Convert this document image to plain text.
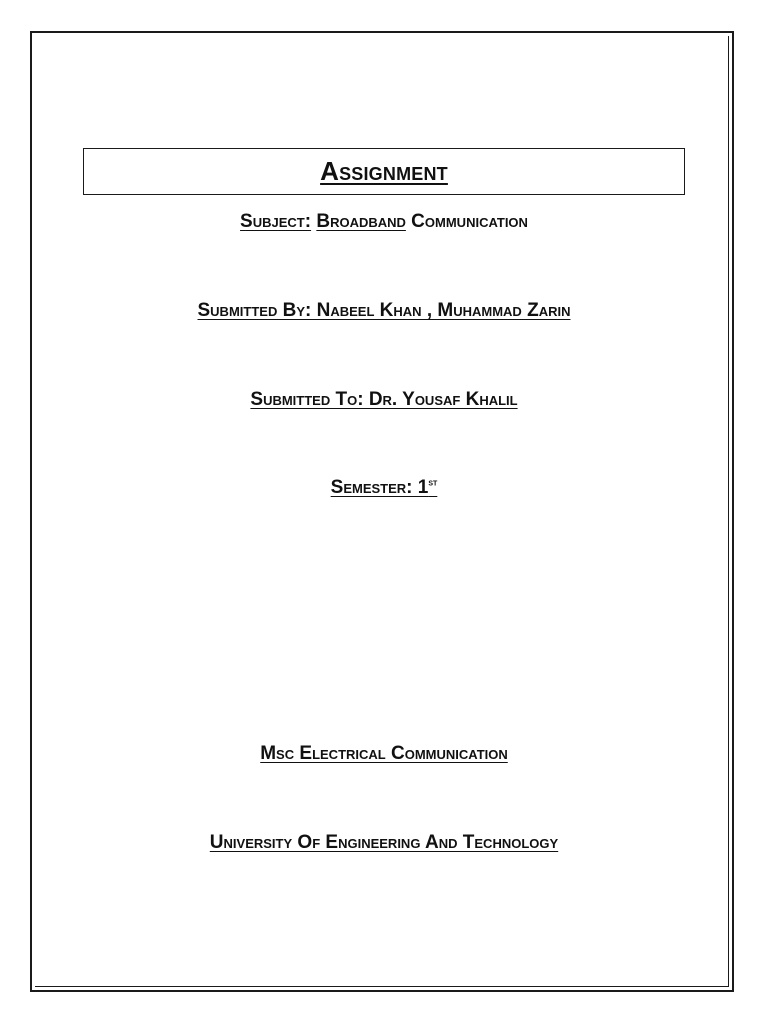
Assignment
Subject: Broadband Communication
Submitted By: Nabeel Khan , Muhammad Zarin
Submitted To: Dr. Yousaf Khalil
Semester: 1st
Msc Electrical Communication
University Of Engineering And Technology
